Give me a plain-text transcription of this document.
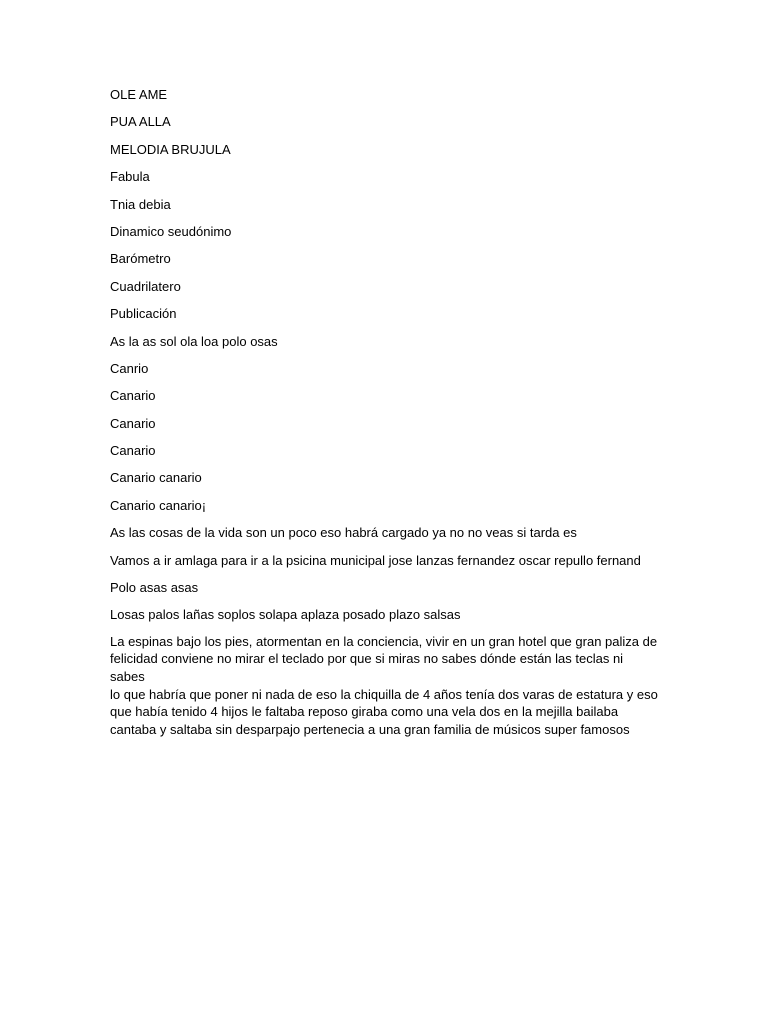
OLE AME

PUA ALLA

MELODIA BRUJULA

Fabula

Tnia debia

Dinamico seudónimo

Barómetro

Cuadrilatero

Publicación

As la as sol ola loa polo osas

Canrio

Canario

Canario

Canario

Canario canario

Canario canario¡

As las cosas de la vida son un poco eso habrá cargado ya no no veas si tarda es

Vamos a ir amlaga para ir a la psicina municipal jose lanzas fernandez oscar repullo fernand

Polo asas asas

Losas palos lañas soplos solapa aplaza posado plazo salsas

La espinas bajo los pies, atormentan en la conciencia, vivir en un gran hotel que gran paliza de
felicidad conviene no mirar el teclado por que si miras no sabes dónde están las teclas ni sabes
lo que habría que poner ni nada de eso la chiquilla de 4 años tenía dos varas de estatura y eso
que había tenido 4 hijos le faltaba reposo giraba como una vela dos en la mejilla bailaba
cantaba y saltaba sin desparpajo pertenecia a una gran familia de músicos super famosos
